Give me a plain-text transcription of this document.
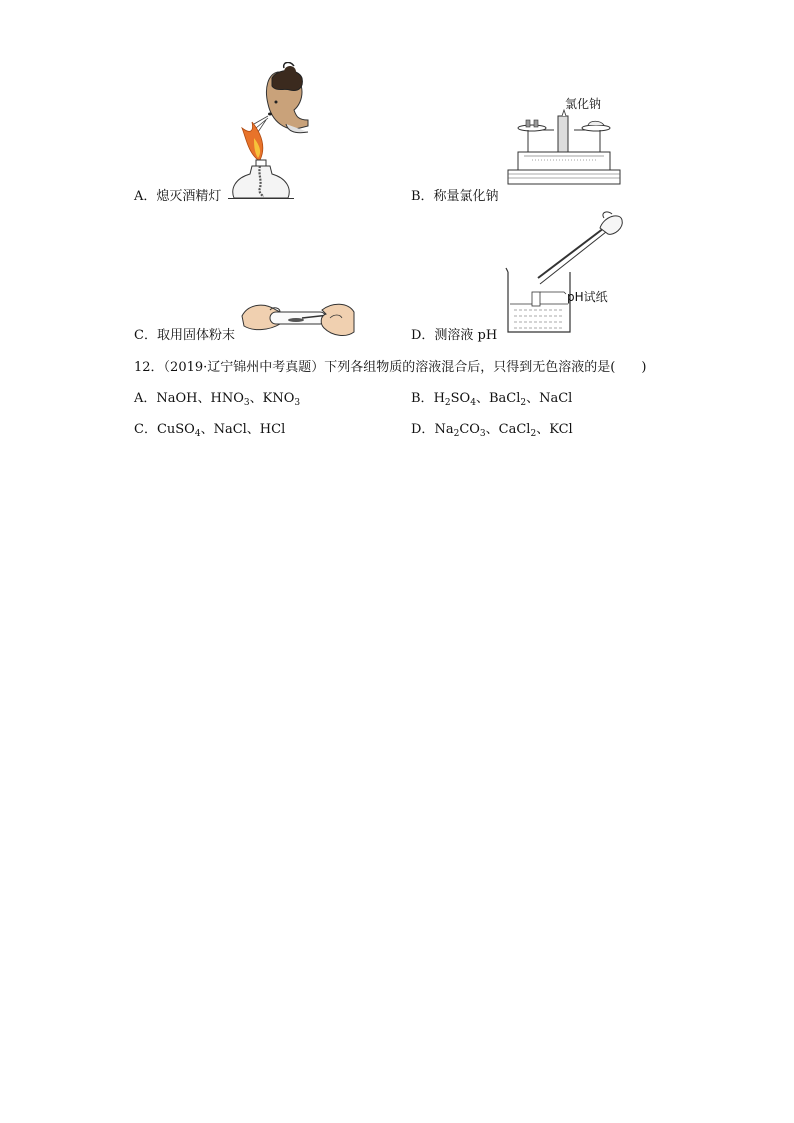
A．熄灭酒精灯
氯化钠
B．称量氯化钠
C．取用固体粉末
pH试纸
D．测溶液 pH
12．（2019·辽宁锦州中考真题）下列各组物质的溶液混合后，只得到无色溶液的是(　　)
A．NaOH、$HNO_3$、$KNO_3$	B．$H_2SO_4$、BaCl$_2$、NaCl
C．CuSO$_4$、NaCl、HCl	D．$Na_2CO_3$、CaCl$_2$、KCl
